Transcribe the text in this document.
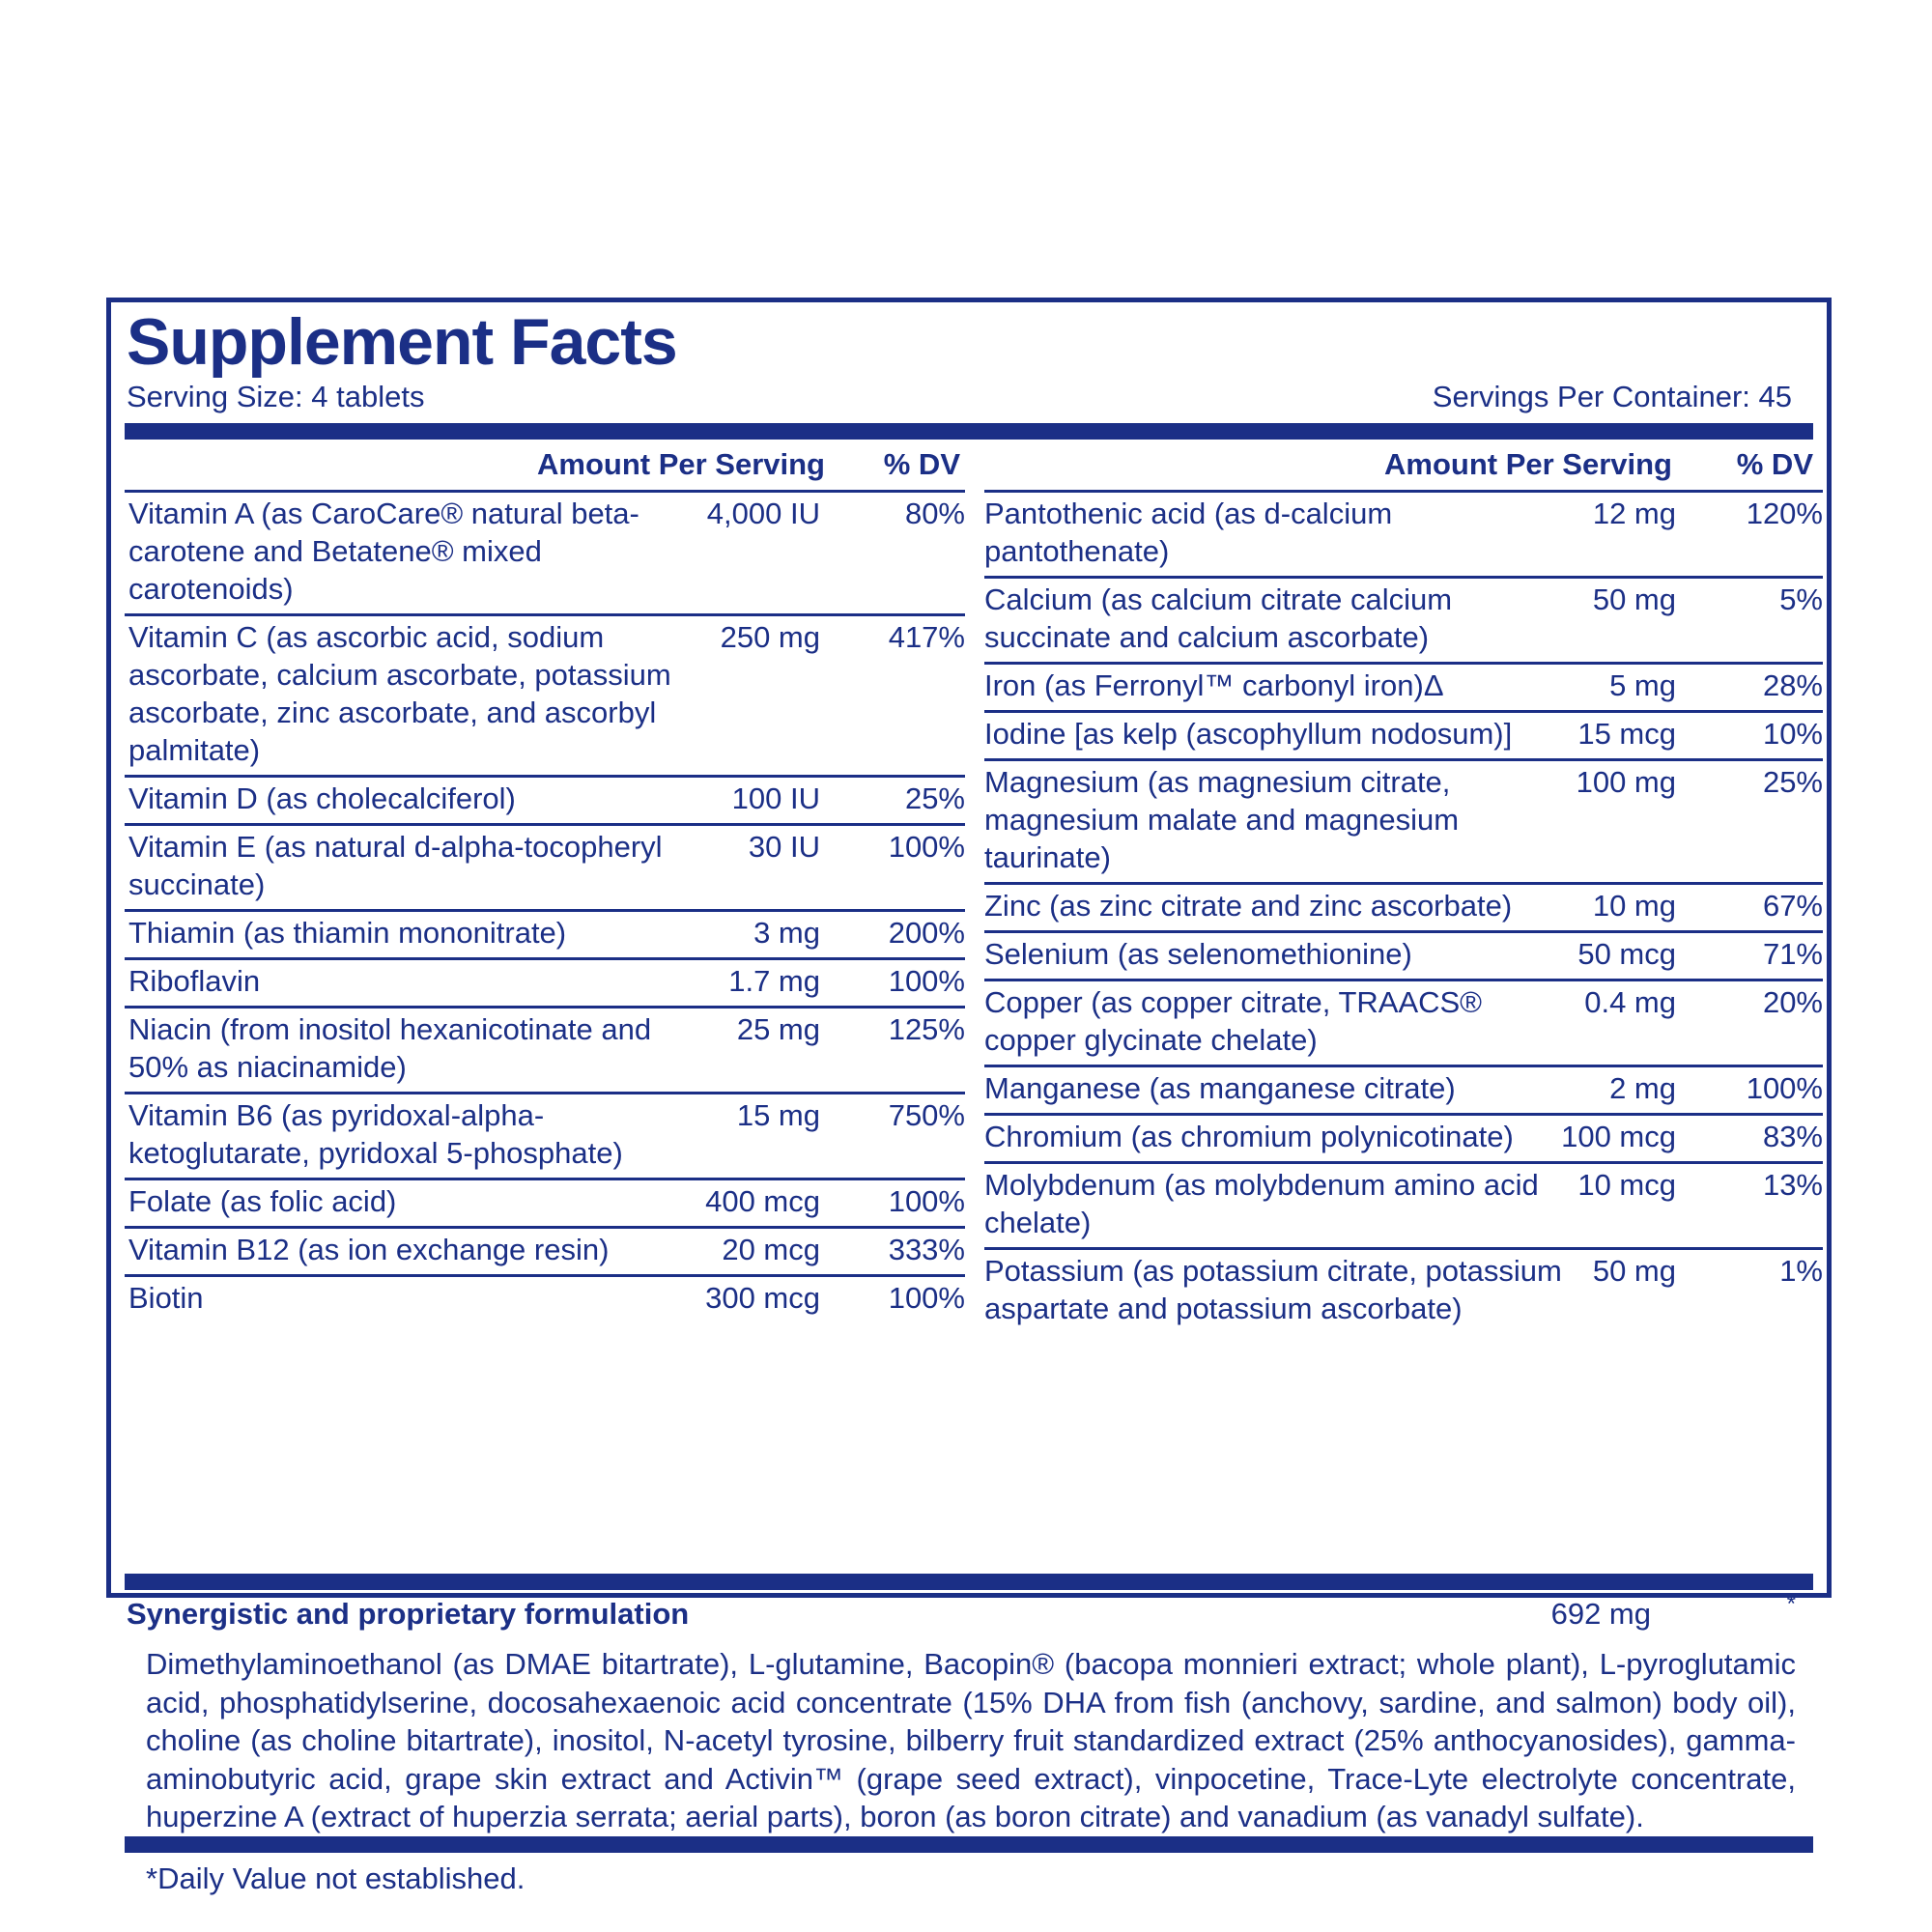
Supplement Facts
Serving Size: 4 tablets	Servings Per Container: 45
Amount Per Serving % DV
Vitamin A (as CaroCare® natural beta-carotene and Betatene® mixed carotenoids)
4,000 IU	80%
Vitamin C (as ascorbic acid, sodium ascorbate, calcium ascorbate, potassium ascorbate, zinc ascorbate, and ascorbyl palmitate)
250 mg 417%
Vitamin D (as cholecalciferol)	100 IU	25%
Vitamin E (as natural d-alpha-tocopheryl succinate)
30 IU 100%
Thiamin (as thiamin mononitrate)	3 mg 200%
Riboflavin	1.7 mg 100%
Niacin (from inositol hexanicotinate and 50% as niacinamide)
25 mg 125%
Vitamin B6 (as pyridoxal-alpha-ketoglutarate, pyridoxal 5-phosphate)
15 mg 750%
Folate (as folic acid)	400 mcg 100%
Vitamin B12 (as ion exchange resin)	20 mcg 333%
Biotin	300 mcg 100%
Amount Per Serving % DV
Pantothenic acid (as d-calcium pantothenate)
12 mg 120%
Calcium (as calcium citrate calcium succinate and calcium ascorbate)
50 mg	5%
Iron (as Ferronyl™ carbonyl iron)Δ	5 mg	28%
Iodine [as kelp (ascophyllum nodosum)]	15 mcg	10%
Magnesium (as magnesium citrate, magnesium malate and magnesium taurinate)
100 mg	25%
Zinc (as zinc citrate and zinc ascorbate)	10 mg	67%
Selenium (as selenomethionine)	50 mcg	71%
Copper (as copper citrate, TRAACS® copper glycinate chelate)
0.4 mg	20%
Manganese (as manganese citrate)	2 mg 100%
Chromium (as chromium polynicotinate)	100 mcg	83%
Molybdenum (as molybdenum amino acid chelate)
10 mcg	13%
Potassium (as potassium citrate, potassium aspartate and potassium ascorbate)
50 mg	1%
Synergistic and proprietary formulation	692 mg	*
Dimethylaminoethanol (as DMAE bitartrate), L-glutamine, Bacopin® (bacopa monnieri extract; whole plant), L-pyroglutamic acid, phosphatidylserine, docosahexaenoic acid concentrate (15% DHA from fish (anchovy, sardine, and salmon) body oil), choline (as choline bitartrate), inositol, N-acetyl tyrosine, bilberry fruit standardized extract (25% anthocyanosides), gamma-aminobutyric acid, grape skin extract and Activin™ (grape seed extract), vinpocetine, Trace-Lyte electrolyte concentrate, huperzine A (extract of huperzia serrata; aerial parts), boron (as boron citrate) and vanadium (as vanadyl sulfate).
*Daily Value not established.
